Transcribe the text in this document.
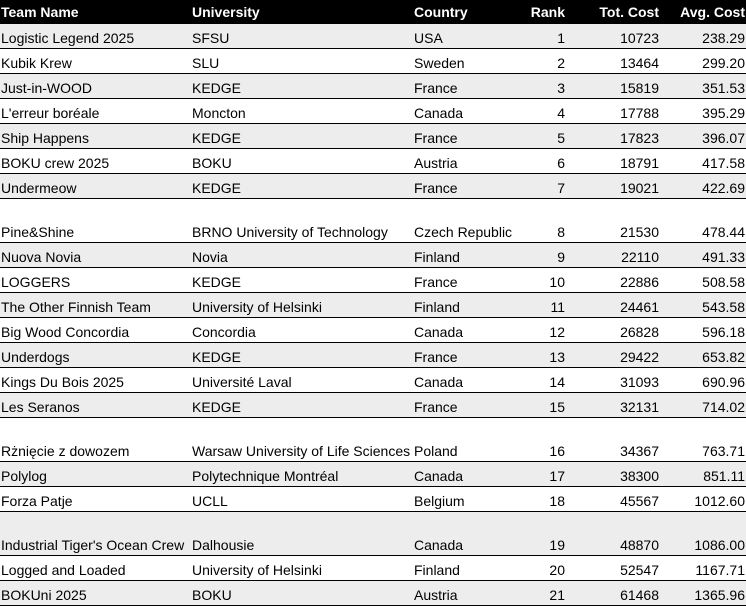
Team Name	University	Country	Rank	Tot. Cost	Avg. Cost
Logistic Legend 2025	SFSU	USA	1	10723	238.29
Kubik Krew	SLU	Sweden	2	13464	299.20
Just-in-WOOD	KEDGE	France	3	15819	351.53
L'erreur boréale	Moncton	Canada	4	17788	395.29
Ship Happens	KEDGE	France	5	17823	396.07
BOKU crew 2025	BOKU	Austria	6	18791	417.58
Undermeow	KEDGE	France	7	19021	422.69
Pine&Shine	BRNO University of Technology	Czech Republic	8	21530	478.44
Nuova Novia	Novia	Finland	9	22110	491.33
LOGGERS	KEDGE	France	10	22886	508.58
The Other Finnish Team	University of Helsinki	Finland	11	24461	543.58
Big Wood Concordia	Concordia	Canada	12	26828	596.18
Underdogs	KEDGE	France	13	29422	653.82
Kings Du Bois 2025	Université Laval	Canada	14	31093	690.96
Les Seranos	KEDGE	France	15	32131	714.02
Rżnięcie z dowozem	Warsaw University of Life Sciences	Poland	16	34367	763.71
Polylog	Polytechnique Montréal	Canada	17	38300	851.11
Forza Patje	UCLL	Belgium	18	45567	1012.60
Industrial Tiger's Ocean Crew	Dalhousie	Canada	19	48870	1086.00
Logged and Loaded	University of Helsinki	Finland	20	52547	1167.71
BOKUni 2025	BOKU	Austria	21	61468	1365.96
